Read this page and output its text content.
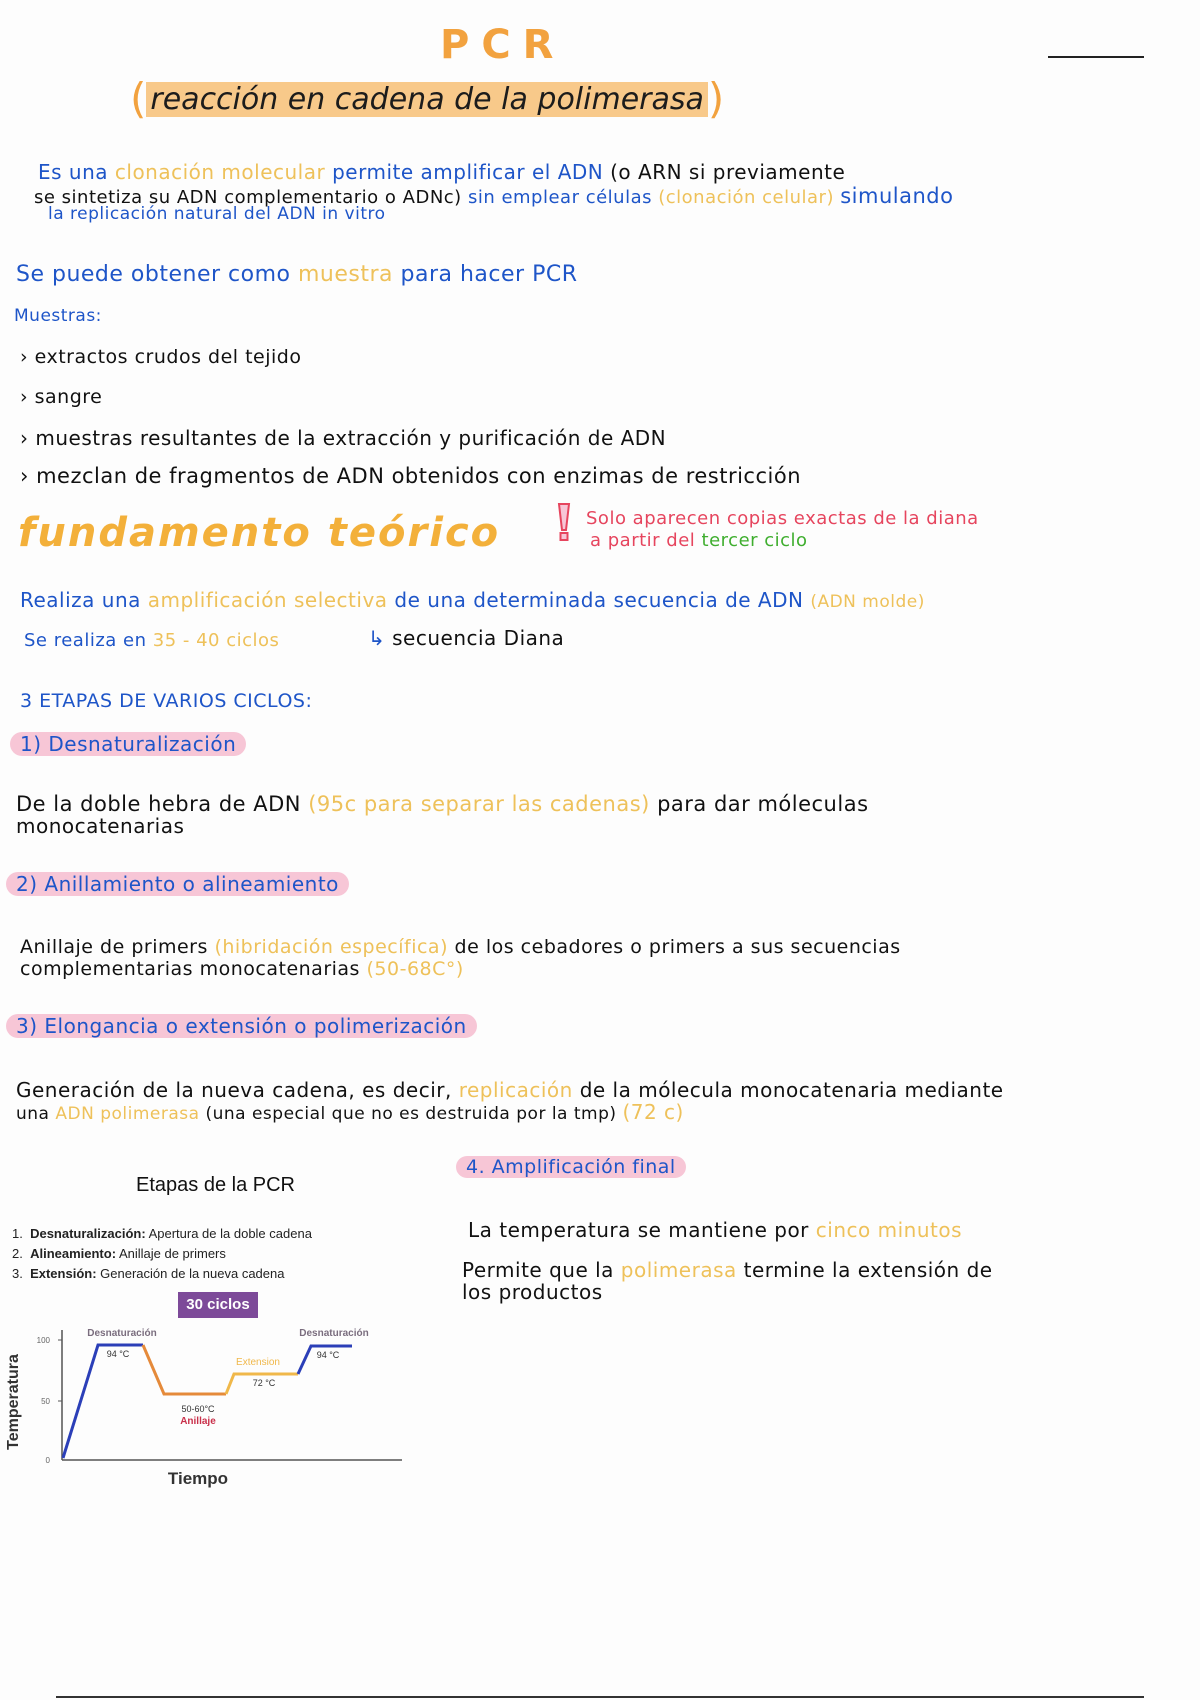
PCR
( reacción en cadena de la polimerasa)
Es una clonación molecular permite amplificar el ADN (o ARN si previamente
se sintetiza su ADN complementario o ADNc) sin emplear células (clonación celular) simulando
la replicación natural del ADN in vitro
Se puede obtener como muestra para hacer PCR
Muestras:
› extractos crudos del tejido
› sangre
› muestras resultantes de la extracción y purificación de ADN
› mezclan de fragmentos de ADN obtenidos con enzimas de restricción
fundamento teórico	Solo aparecen copias exactas de la diana
a partir del tercer ciclo
Realiza una amplificación selectiva de una determinada secuencia de ADN (ADN molde)
Se realiza en 35 - 40 ciclos	↳ secuencia Diana
3 ETAPAS DE VARIOS CICLOS:
1) Desnaturalización
De la doble hebra de ADN (95c para separar las cadenas) para dar móleculas
monocatenarias
2) Anillamiento o alineamiento
Anillaje de primers (hibridación específica) de los cebadores o primers a sus secuencias
complementarias monocatenarias (50-68C°)
3) Elongancia o extensión o polimerización
Generación de la nueva cadena, es decir, replicación de la mólecula monocatenaria mediante
una ADN polimerasa (una especial que no es destruida por la tmp) (72 c)
4. Amplificación final
La temperatura se mantiene por cinco minutos
Permite que la polimerasa termine la extensión de
los productos
Etapas de la PCR
1. Desnaturalización: Apertura de la doble cadena
2. Alineamiento: Anillaje de primers
3. Extensión: Generación de la nueva cadena
30 ciclos
Temperatura
100
50
0
Desnaturación
94 °C
50-60°C
Anillaje
Extension
72 °C
Desnaturación
94 °C
Tiempo
